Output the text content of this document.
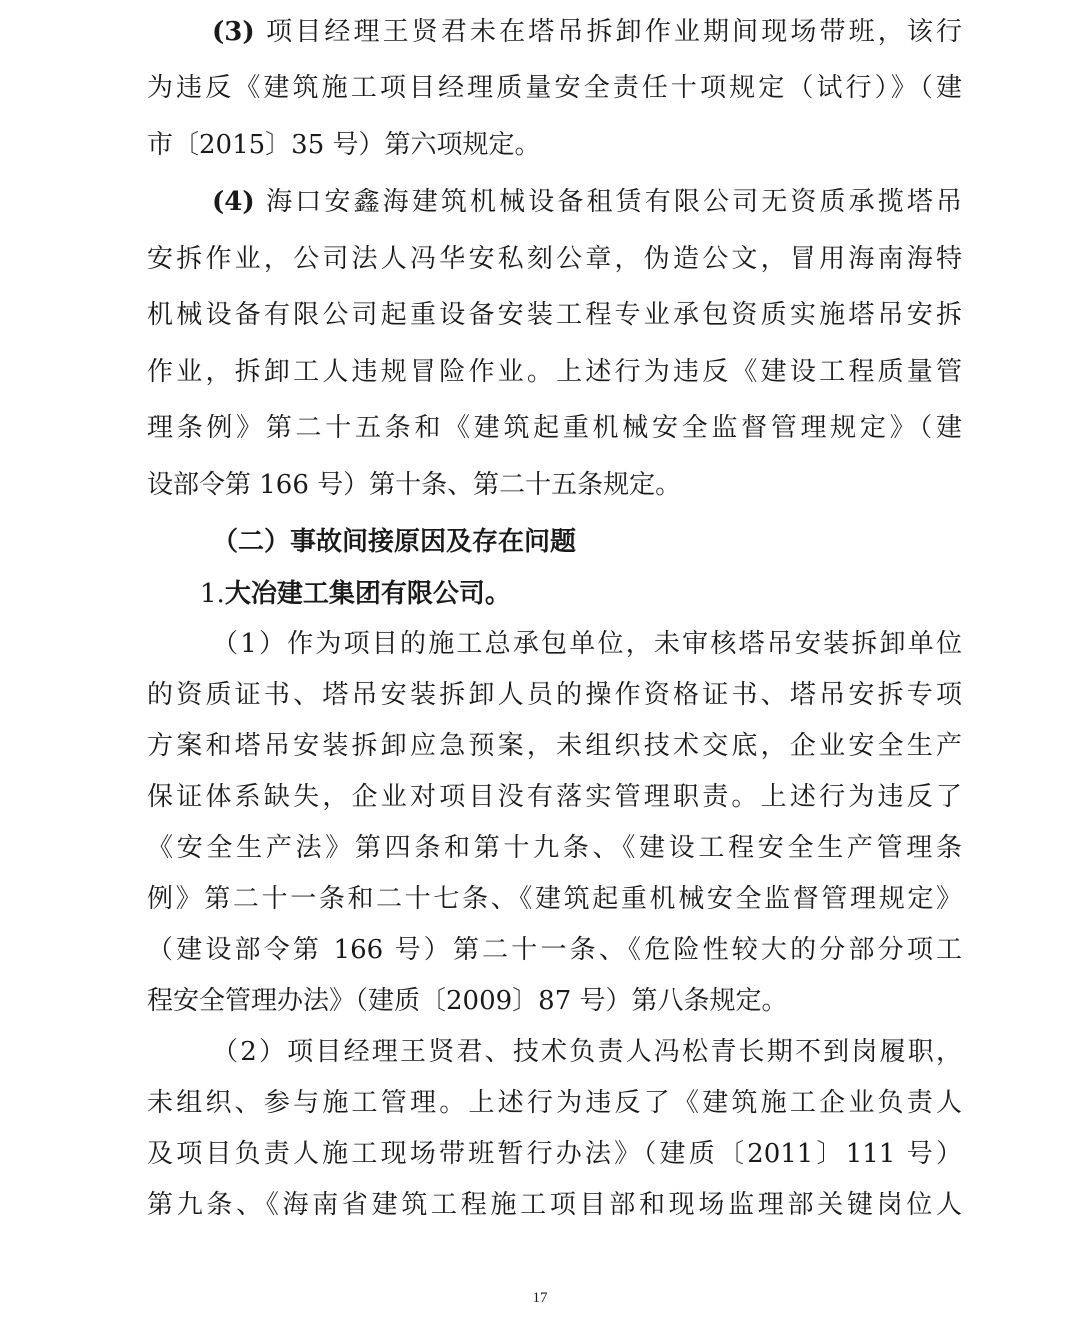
(3) 项目经理王贤君未在塔吊拆卸作业期间现场带班，该行
为违反《建筑施工项目经理质量安全责任十项规定（试行）》（建
市〔2015〕35 号）第六项规定。
(4) 海口安鑫海建筑机械设备租赁有限公司无资质承揽塔吊
安拆作业，公司法人冯华安私刻公章，伪造公文，冒用海南海特
机械设备有限公司起重设备安装工程专业承包资质实施塔吊安拆
作业，拆卸工人违规冒险作业。上述行为违反《建设工程质量管
理条例》第二十五条和《建筑起重机械安全监督管理规定》（建
设部令第 166 号）第十条、第二十五条规定。
（二）事故间接原因及存在问题
1.大冶建工集团有限公司。
（1）作为项目的施工总承包单位，未审核塔吊安装拆卸单位
的资质证书、塔吊安装拆卸人员的操作资格证书、塔吊安拆专项
方案和塔吊安装拆卸应急预案，未组织技术交底，企业安全生产
保证体系缺失，企业对项目没有落实管理职责。上述行为违反了
《安全生产法》第四条和第十九条、《建设工程安全生产管理条
例》第二十一条和二十七条、《建筑起重机械安全监督管理规定》
（建设部令第 166 号）第二十一条、《危险性较大的分部分项工
程安全管理办法》（建质〔2009〕87 号）第八条规定。
（2）项目经理王贤君、技术负责人冯松青长期不到岗履职，
未组织、参与施工管理。上述行为违反了《建筑施工企业负责人
及项目负责人施工现场带班暂行办法》（建质〔2011〕111 号）
第九条、《海南省建筑工程施工项目部和现场监理部关键岗位人
17
